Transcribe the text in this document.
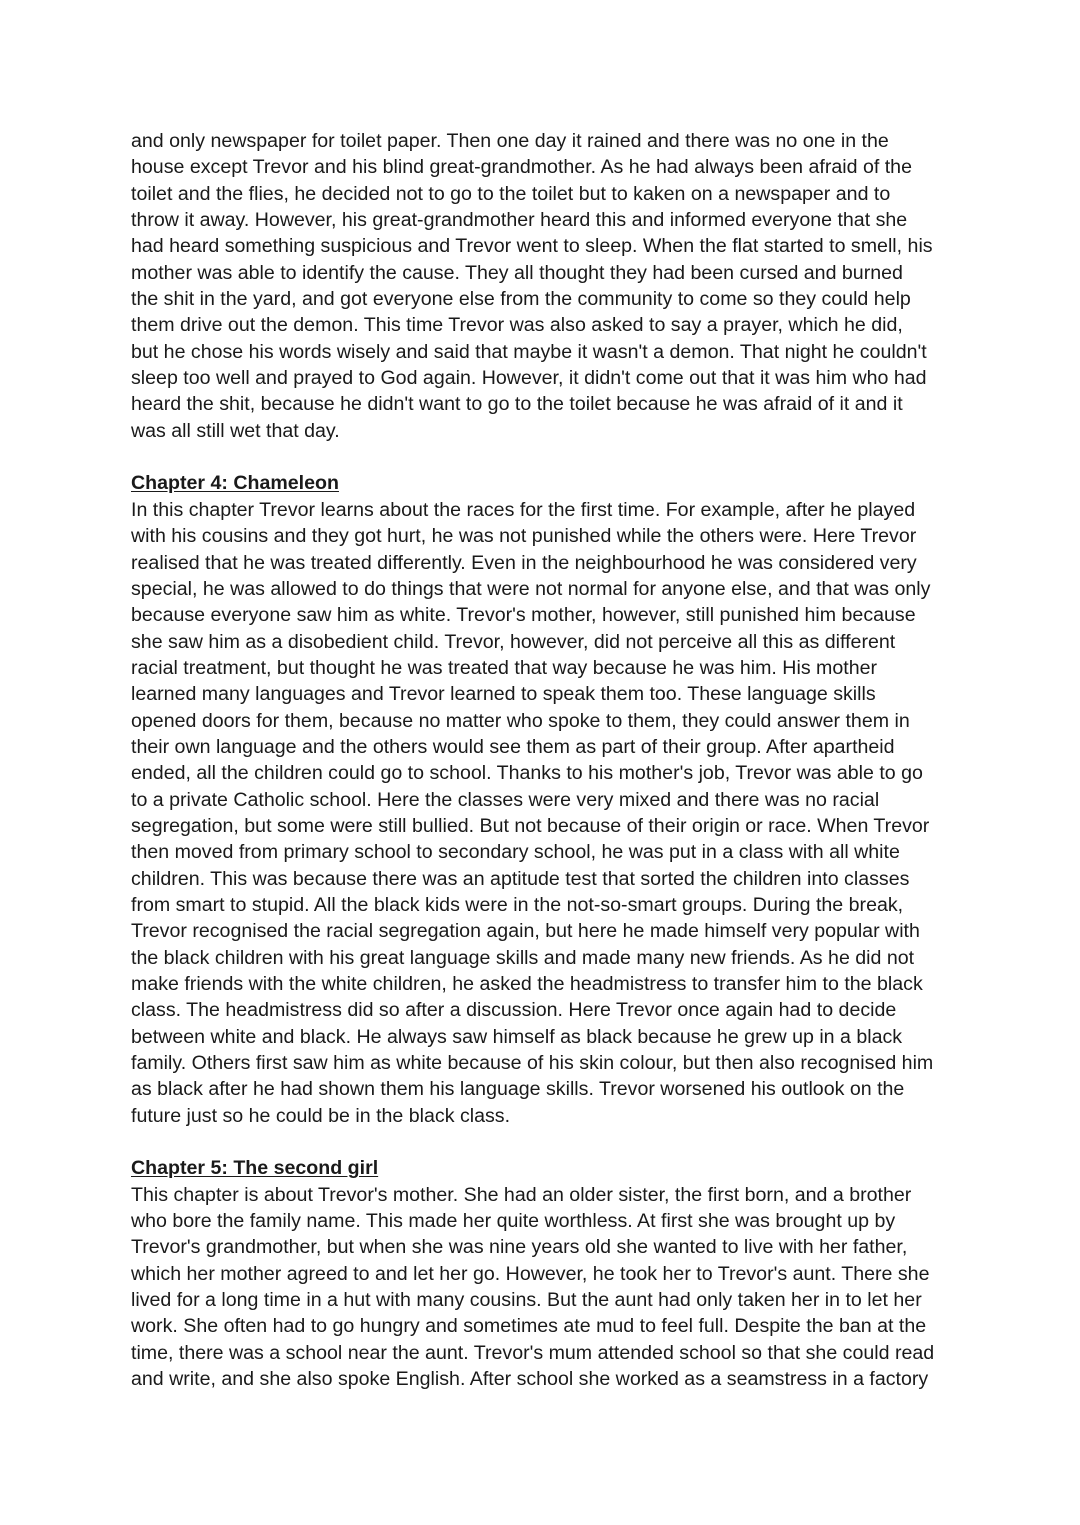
and only newspaper for toilet paper. Then one day it rained and there was no one in the
house except Trevor and his blind great-grandmother. As he had always been afraid of the
toilet and the flies, he decided not to go to the toilet but to kaken on a newspaper and to
throw it away. However, his great-grandmother heard this and informed everyone that she
had heard something suspicious and Trevor went to sleep. When the flat started to smell, his
mother was able to identify the cause. They all thought they had been cursed and burned
the shit in the yard, and got everyone else from the community to come so they could help
them drive out the demon. This time Trevor was also asked to say a prayer, which he did,
but he chose his words wisely and said that maybe it wasn't a demon. That night he couldn't
sleep too well and prayed to God again. However, it didn't come out that it was him who had
heard the shit, because he didn't want to go to the toilet because he was afraid of it and it
was all still wet that day.
Chapter 4: Chameleon
In this chapter Trevor learns about the races for the first time. For example, after he played
with his cousins and they got hurt, he was not punished while the others were. Here Trevor
realised that he was treated differently. Even in the neighbourhood he was considered very
special, he was allowed to do things that were not normal for anyone else, and that was only
because everyone saw him as white. Trevor's mother, however, still punished him because
she saw him as a disobedient child. Trevor, however, did not perceive all this as different
racial treatment, but thought he was treated that way because he was him. His mother
learned many languages and Trevor learned to speak them too. These language skills
opened doors for them, because no matter who spoke to them, they could answer them in
their own language and the others would see them as part of their group. After apartheid
ended, all the children could go to school. Thanks to his mother's job, Trevor was able to go
to a private Catholic school. Here the classes were very mixed and there was no racial
segregation, but some were still bullied. But not because of their origin or race. When Trevor
then moved from primary school to secondary school, he was put in a class with all white
children. This was because there was an aptitude test that sorted the children into classes
from smart to stupid. All the black kids were in the not-so-smart groups. During the break,
Trevor recognised the racial segregation again, but here he made himself very popular with
the black children with his great language skills and made many new friends. As he did not
make friends with the white children, he asked the headmistress to transfer him to the black
class. The headmistress did so after a discussion. Here Trevor once again had to decide
between white and black. He always saw himself as black because he grew up in a black
family. Others first saw him as white because of his skin colour, but then also recognised him
as black after he had shown them his language skills. Trevor worsened his outlook on the
future just so he could be in the black class.
Chapter 5: The second girl
This chapter is about Trevor's mother. She had an older sister, the first born, and a brother
who bore the family name. This made her quite worthless. At first she was brought up by
Trevor's grandmother, but when she was nine years old she wanted to live with her father,
which her mother agreed to and let her go. However, he took her to Trevor's aunt. There she
lived for a long time in a hut with many cousins. But the aunt had only taken her in to let her
work. She often had to go hungry and sometimes ate mud to feel full. Despite the ban at the
time, there was a school near the aunt. Trevor's mum attended school so that she could read
and write, and she also spoke English. After school she worked as a seamstress in a factory
